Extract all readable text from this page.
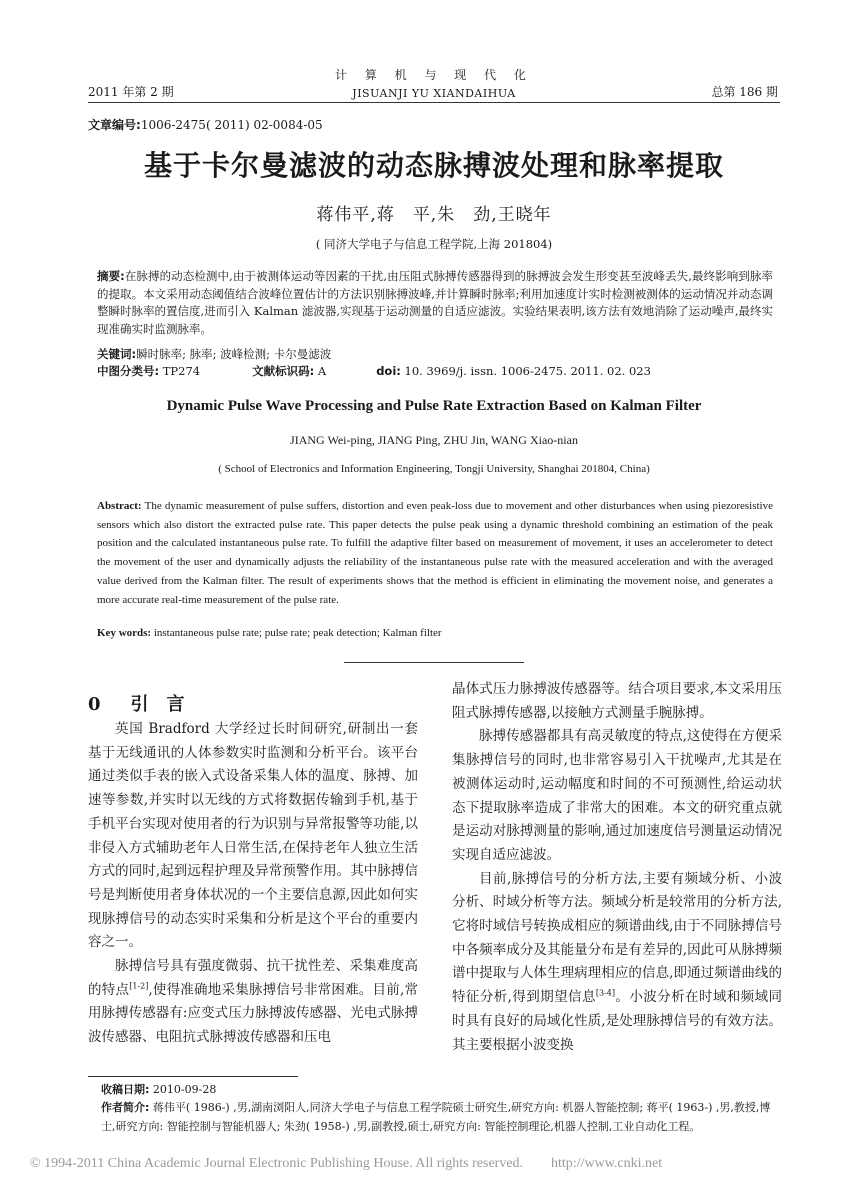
2011 年第 2 期
计 算 机 与 现 代 化
JISUANJI YU XIANDAIHUA	总第 186 期
文章编号:1006-2475( 2011) 02-0084-05
基于卡尔曼滤波的动态脉搏波处理和脉率提取
蒋伟平,蒋　平,朱　劲,王晓年
( 同济大学电子与信息工程学院,上海 201804)
摘要:在脉搏的动态检测中,由于被测体运动等因素的干扰,由压阻式脉搏传感器得到的脉搏波会发生形变甚至波峰丢失,最终影响到脉率的提取。本文采用动态阈值结合波峰位置估计的方法识别脉搏波峰,并计算瞬时脉率;利用加速度计实时检测被测体的运动情况并动态调整瞬时脉率的置信度,进而引入 Kalman 滤波器,实现基于运动测量的自适应滤波。实验结果表明,该方法有效地消除了运动噪声,最终实现准确实时监测脉率。
关键词:瞬时脉率; 脉率; 波峰检测; 卡尔曼滤波
中图分类号: TP274	文献标识码: A	doi: 10. 3969/j. issn. 1006-2475. 2011. 02. 023
Dynamic Pulse Wave Processing and Pulse Rate Extraction Based on Kalman Filter
JIANG Wei-ping, JIANG Ping, ZHU Jin, WANG Xiao-nian
( School of Electronics and Information Engineering, Tongji University, Shanghai 201804, China)
Abstract: The dynamic measurement of pulse suffers, distortion and even peak-loss due to movement and other disturbances when using piezoresistive sensors which also distort the extracted pulse rate. This paper detects the pulse peak using a dynamic threshold combining an estimation of the peak position and the calculated instantaneous pulse rate. To fulfill the adaptive filter based on measurement of movement, it uses an accelerometer to detect the movement of the user and dynamically adjusts the reliability of the instantaneous pulse rate with the measured acceleration and with the averaged value derived from the Kalman filter. The result of experiments shows that the method is efficient in eliminating the movement noise, and generates a more accurate real-time measurement of the pulse rate.
Key words: instantaneous pulse rate; pulse rate; peak detection; Kalman filter
0 引　言

英国 Bradford 大学经过长时间研究,研制出一套基于无线通讯的人体参数实时监测和分析平台。该平台通过类似手表的嵌入式设备采集人体的温度、脉搏、加速等参数,并实时以无线的方式将数据传输到手机,基于手机平台实现对使用者的行为识别与异常报警等功能,以非侵入方式辅助老年人日常生活,在保持老年人独立生活方式的同时,起到远程护理及异常预警作用。其中脉搏信号是判断使用者身体状况的一个主要信息源,因此如何实现脉搏信号的动态实时采集和分析是这个平台的重要内容之一。

脉搏信号具有强度微弱、抗干扰性差、采集难度高的特点[1-2],使得准确地采集脉搏信号非常困难。目前,常用脉搏传感器有:应变式压力脉搏波传感器、光电式脉搏波传感器、电阻抗式脉搏波传感器和压电

晶体式压力脉搏波传感器等。结合项目要求,本文采用压阻式脉搏传感器,以接触方式测量手腕脉搏。

脉搏传感器都具有高灵敏度的特点,这使得在方便采集脉搏信号的同时,也非常容易引入干扰噪声,尤其是在被测体运动时,运动幅度和时间的不可预测性,给运动状态下提取脉率造成了非常大的困难。本文的研究重点就是运动对脉搏测量的影响,通过加速度信号测量运动情况实现自适应滤波。

目前,脉搏信号的分析方法,主要有频域分析、小波分析、时域分析等方法。频域分析是较常用的分析方法,它将时域信号转换成相应的频谱曲线,由于不同脉搏信号中各频率成分及其能量分布是有差异的,因此可从脉搏频谱中提取与人体生理病理相应的信息,即通过频谱曲线的特征分析,得到期望信息[3-4]。小波分析在时域和频域同时具有良好的局域化性质,是处理脉搏信号的有效方法。其主要根据小波变换

收稿日期: 2010-09-28
作者简介: 蒋伟平( 1986-) ,男,湖南浏阳人,同济大学电子与信息工程学院硕士研究生,研究方向: 机器人智能控制; 蒋平( 1963-) ,男,教授,博士,研究方向: 智能控制与智能机器人; 朱劲( 1958-) ,男,副教授,硕士,研究方向: 智能控制理论,机器人控制,工业自动化工程。
© 1994-2011 China Academic Journal Electronic Publishing House. All rights reserved.　　http://www.cnki.net
